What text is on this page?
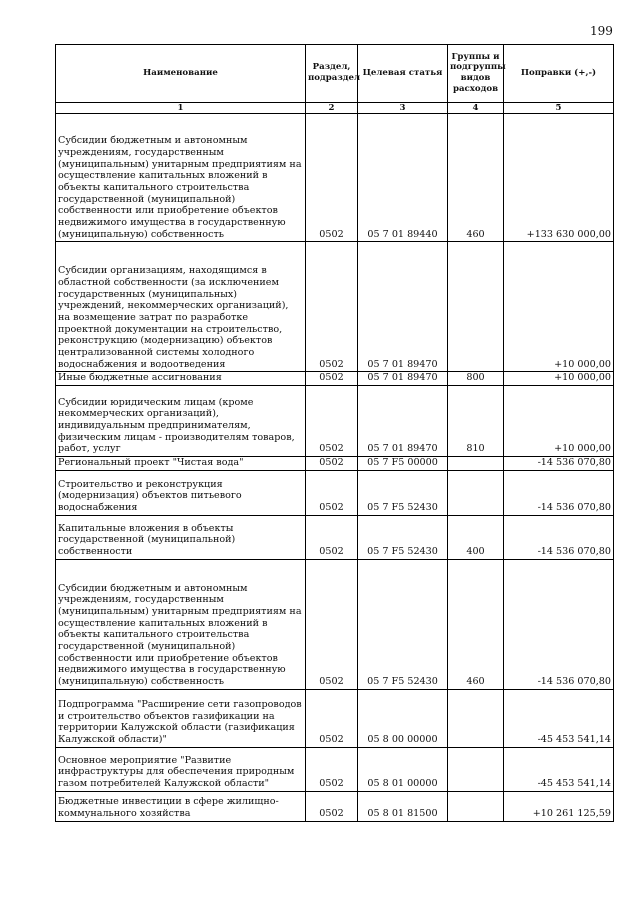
199
Наименование	Раздел, подраздел	Целевая статья	Группы и подгруппы видов расходов	Поправки (+,-)
1	2	3	4	5
Субсидии бюджетным и автономным учреждениям, государственным (муниципальным) унитарным предприятиям на осуществление капитальных вложений в объекты капитального строительства государственной (муниципальной) собственности или приобретение объектов недвижимого имущества в государственную (муниципальную) собственность	0502	05 7 01 89440	460	+133 630 000,00
Субсидии организациям, находящимся в областной собственности (за исключением государственных (муниципальных) учреждений, некоммерческих организаций), на возмещение затрат по разработке проектной документации на строительство, реконструкцию (модернизацию) объектов централизованной системы холодного водоснабжения и водоотведения	0502	05 7 01 89470		+10 000,00
Иные бюджетные ассигнования	0502	05 7 01 89470	800	+10 000,00
Субсидии юридическим лицам (кроме некоммерческих организаций), индивидуальным предпринимателям, физическим лицам - производителям товаров, работ, услуг	0502	05 7 01 89470	810	+10 000,00
Региональный проект "Чистая вода"	0502	05 7 F5 00000		-14 536 070,80
Строительство и реконструкция (модернизация) объектов питьевого водоснабжения	0502	05 7 F5 52430		-14 536 070,80
Капитальные вложения в объекты государственной (муниципальной) собственности	0502	05 7 F5 52430	400	-14 536 070,80
Субсидии бюджетным и автономным учреждениям, государственным (муниципальным) унитарным предприятиям на осуществление капитальных вложений в объекты капитального строительства государственной (муниципальной) собственности или приобретение объектов недвижимого имущества в государственную (муниципальную) собственность	0502	05 7 F5 52430	460	-14 536 070,80
Подпрограмма "Расширение сети газопроводов и строительство объектов газификации на территории Калужской области (газификация Калужской области)"	0502	05 8 00 00000		-45 453 541,14
Основное мероприятие "Развитие инфраструктуры для обеспечения природным газом потребителей Калужской области"	0502	05 8 01 00000		-45 453 541,14
Бюджетные инвестиции в сфере жилищно-коммунального хозяйства	0502	05 8 01 81500		+10 261 125,59
